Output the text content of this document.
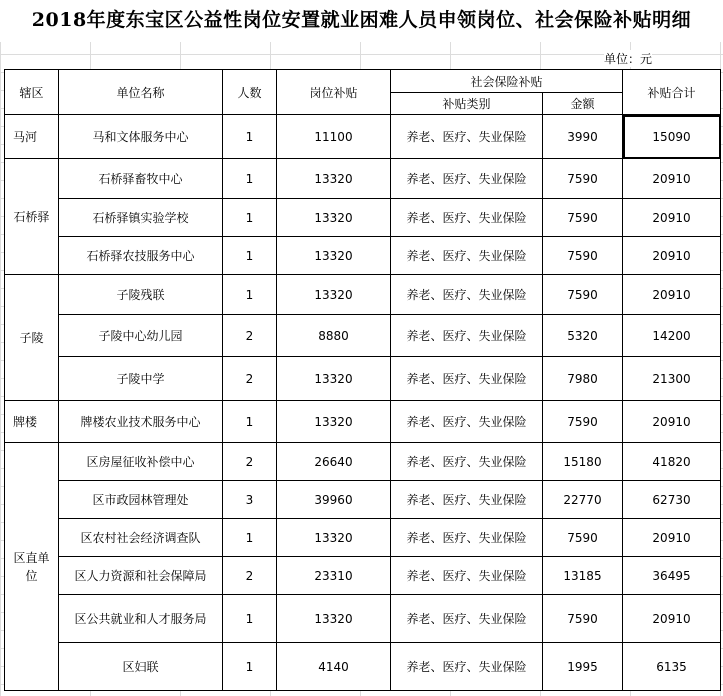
2018年度东宝区公益性岗位安置就业困难人员申领岗位、社会保险补贴明细
单位：元
辖区	单位名称	人数	岗位补贴	社会保险补贴		补贴合计
				补贴类别	金额	
马河	马和文体服务中心	1	11100	养老、医疗、失业保险	3990	15090
石桥驿	石桥驿畜牧中心	1	13320	养老、医疗、失业保险	7590	20910
	石桥驿镇实验学校	1	13320	养老、医疗、失业保险	7590	20910
	石桥驿农技服务中心	1	13320	养老、医疗、失业保险	7590	20910
子陵	子陵残联	1	13320	养老、医疗、失业保险	7590	20910
	子陵中心幼儿园	2	8880	养老、医疗、失业保险	5320	14200
	子陵中学	2	13320	养老、医疗、失业保险	7980	21300
牌楼	牌楼农业技术服务中心	1	13320	养老、医疗、失业保险	7590	20910
区直单位	区房屋征收补偿中心	2	26640	养老、医疗、失业保险	15180	41820
	区市政园林管理处	3	39960	养老、医疗、失业保险	22770	62730
	区农村社会经济调查队	1	13320	养老、医疗、失业保险	7590	20910
	区人力资源和社会保障局	2	23310	养老、医疗、失业保险	13185	36495
	区公共就业和人才服务局	1	13320	养老、医疗、失业保险	7590	20910
	区妇联	1	4140	养老、医疗、失业保险	1995	6135
